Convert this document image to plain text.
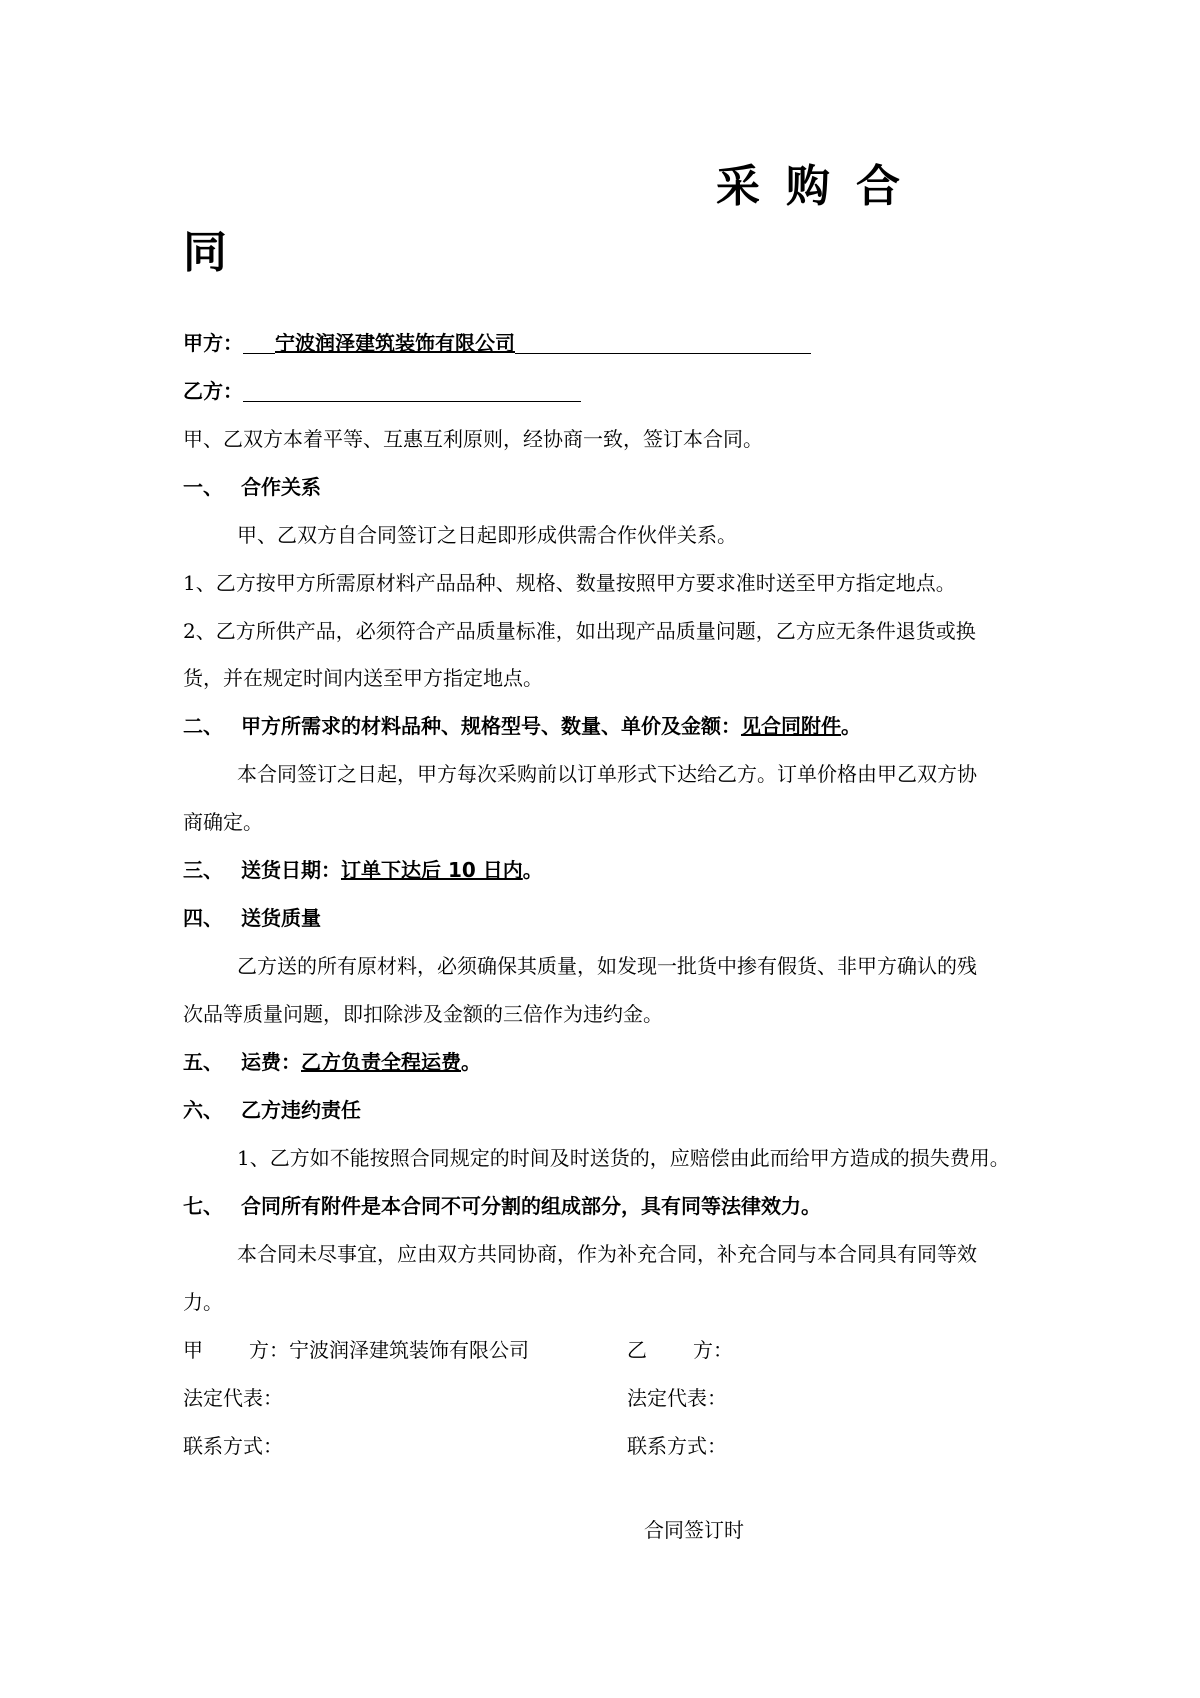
采购合
同
甲方： 宁波润泽建筑装饰有限公司
乙方：
甲、乙双方本着平等、互惠互利原则，经协商一致，签订本合同。
一、 合作关系
甲、乙双方自合同签订之日起即形成供需合作伙伴关系。
1、乙方按甲方所需原材料产品品种、规格、数量按照甲方要求准时送至甲方指定地点。
2、乙方所供产品，必须符合产品质量标准，如出现产品质量问题，乙方应无条件退货或换
货，并在规定时间内送至甲方指定地点。
二、 甲方所需求的材料品种、规格型号、数量、单价及金额：见合同附件。
本合同签订之日起，甲方每次采购前以订单形式下达给乙方。订单价格由甲乙双方协
商确定。
三、 送货日期：订单下达后 10 日内。
四、 送货质量
乙方送的所有原材料，必须确保其质量，如发现一批货中掺有假货、非甲方确认的残
次品等质量问题，即扣除涉及金额的三倍作为违约金。
五、 运费：乙方负责全程运费。
六、 乙方违约责任
1、乙方如不能按照合同规定的时间及时送货的，应赔偿由此而给甲方造成的损失费用。
七、 合同所有附件是本合同不可分割的组成部分，具有同等法律效力。
本合同未尽事宜，应由双方共同协商，作为补充合同，补充合同与本合同具有同等效
力。
甲 方：宁波润泽建筑装饰有限公司	乙 方：
法定代表：	法定代表：
联系方式：	联系方式：
合同签订时
